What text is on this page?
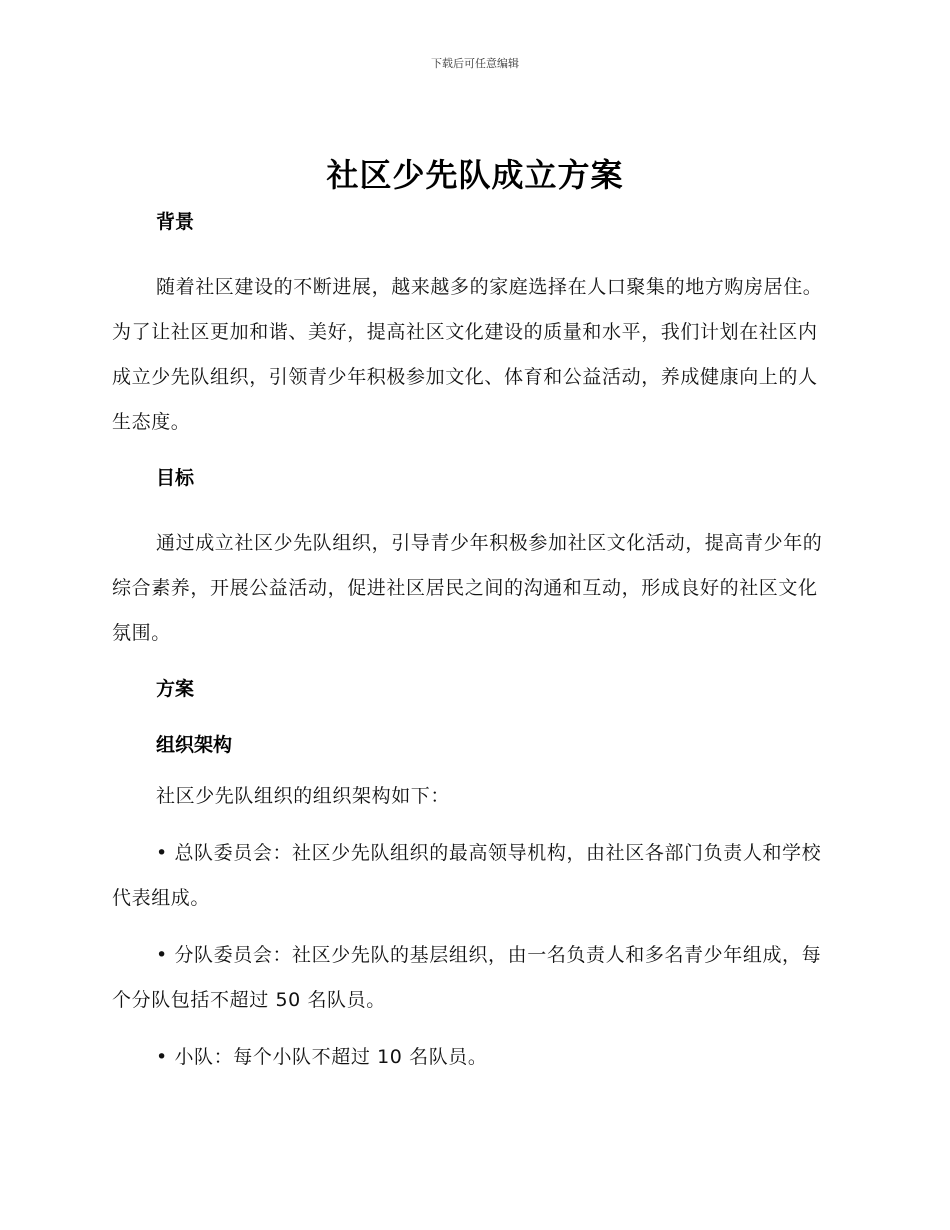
下载后可任意编辑
社区少先队成立方案
背景

随着社区建设的不断进展，越来越多的家庭选择在人口聚集的地方购房居住。为了让社区更加和谐、美好，提高社区文化建设的质量和水平，我们计划在社区内成立少先队组织，引领青少年积极参加文化、体育和公益活动，养成健康向上的人生态度。

目标

通过成立社区少先队组织，引导青少年积极参加社区文化活动，提高青少年的综合素养，开展公益活动，促进社区居民之间的沟通和互动，形成良好的社区文化氛围。

方案
组织架构

社区少先队组织的组织架构如下：

• 总队委员会：社区少先队组织的最高领导机构，由社区各部门负责人和学校代表组成。

• 分队委员会：社区少先队的基层组织，由一名负责人和多名青少年组成，每个分队包括不超过 50 名队员。

• 小队：每个小队不超过 10 名队员。
